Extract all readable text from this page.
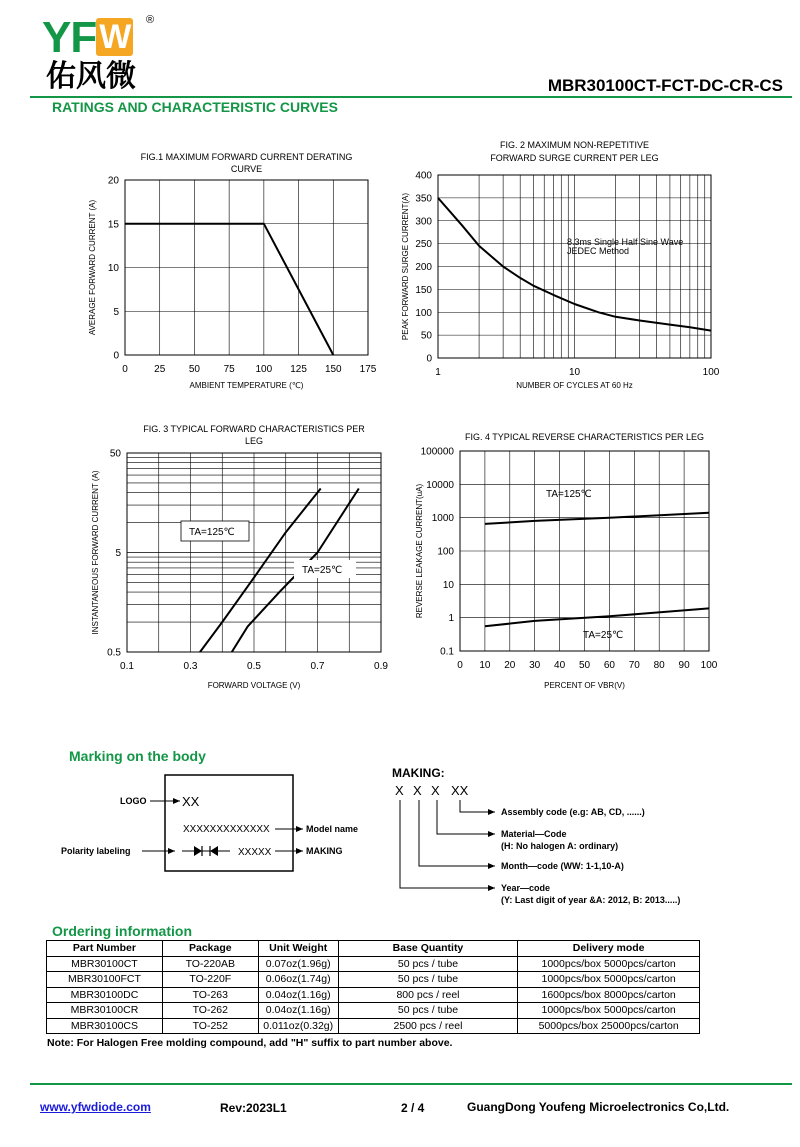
YFW ®
佑风微	MBR30100CT-FCT-DC-CR-CS
RATINGS AND CHARACTERISTIC CURVES
FIG.1 MAXIMUM FORWARD CURRENT DERATING
CURVE
0	25 50 75 100 125 150 175
0
5
10
15
20
AMBIENT TEMPERATURE (℃)
AVERAGE FORWARD CURRENT (A)
FIG. 2 MAXIMUM NON-REPETITIVE
FORWARD SURGE CURRENT PER LEG
1	10	100
0
50
100
150
200
250
300
350
400
NUMBER OF CYCLES AT 60 Hz
PEAK FORWARD SURGE CURRENT(A)	8.3ms Single Half Sine Wave
JEDEC Method
FIG. 3 TYPICAL FORWARD CHARACTERISTICS PER
LEG
0.1	0.3	0.5	0.7	0.9
0.5
5
50
FORWARD VOLTAGE (V)
INSTANTANEOUS FORWARD CURRENT (A)	TA=125℃
TA=25℃
FIG. 4 TYPICAL REVERSE CHARACTERISTICS PER LEG
0 10 20 30 40 50 60 70 80 90 100
0.1
1
10
100
1000
10000
100000
PERCENT OF VBR(V)
REVERSE LEAKAGE CURRENT(uA)	TA=125℃
TA=25℃
Marking on the body
LOGO	XX
XXXXXXXXXXXXX	Model name
Polarity labeling	XXXXX	MAKING
MAKING:
X X X XX
Assembly code (e.g: AB, CD, ......)
Material—Code
(H: No halogen A: ordinary)
Month—code (WW: 1-1,10-A)
Year—code
(Y: Last digit of year &A: 2012, B: 2013.....)
Ordering information
Part Number	Package	Unit Weight	Base Quantity	Delivery mode
MBR30100CT	TO-220AB	0.07oz(1.96g)	50 pcs / tube	1000pcs/box 5000pcs/carton
MBR30100FCT	TO-220F	0.06oz(1.74g)	50 pcs / tube	1000pcs/box 5000pcs/carton
MBR30100DC	TO-263	0.04oz(1.16g)	800 pcs / reel	1600pcs/box 8000pcs/carton
MBR30100CR	TO-262	0.04oz(1.16g)	50 pcs / tube	1000pcs/box 5000pcs/carton
MBR30100CS	TO-252	0.011oz(0.32g)	2500 pcs / reel	5000pcs/box 25000pcs/carton
Note: For Halogen Free molding compound, add "H" suffix to part number above.
www.yfwdiode.com	Rev:2023L1	2 / 4	GuangDong Youfeng Microelectronics Co,Ltd.
